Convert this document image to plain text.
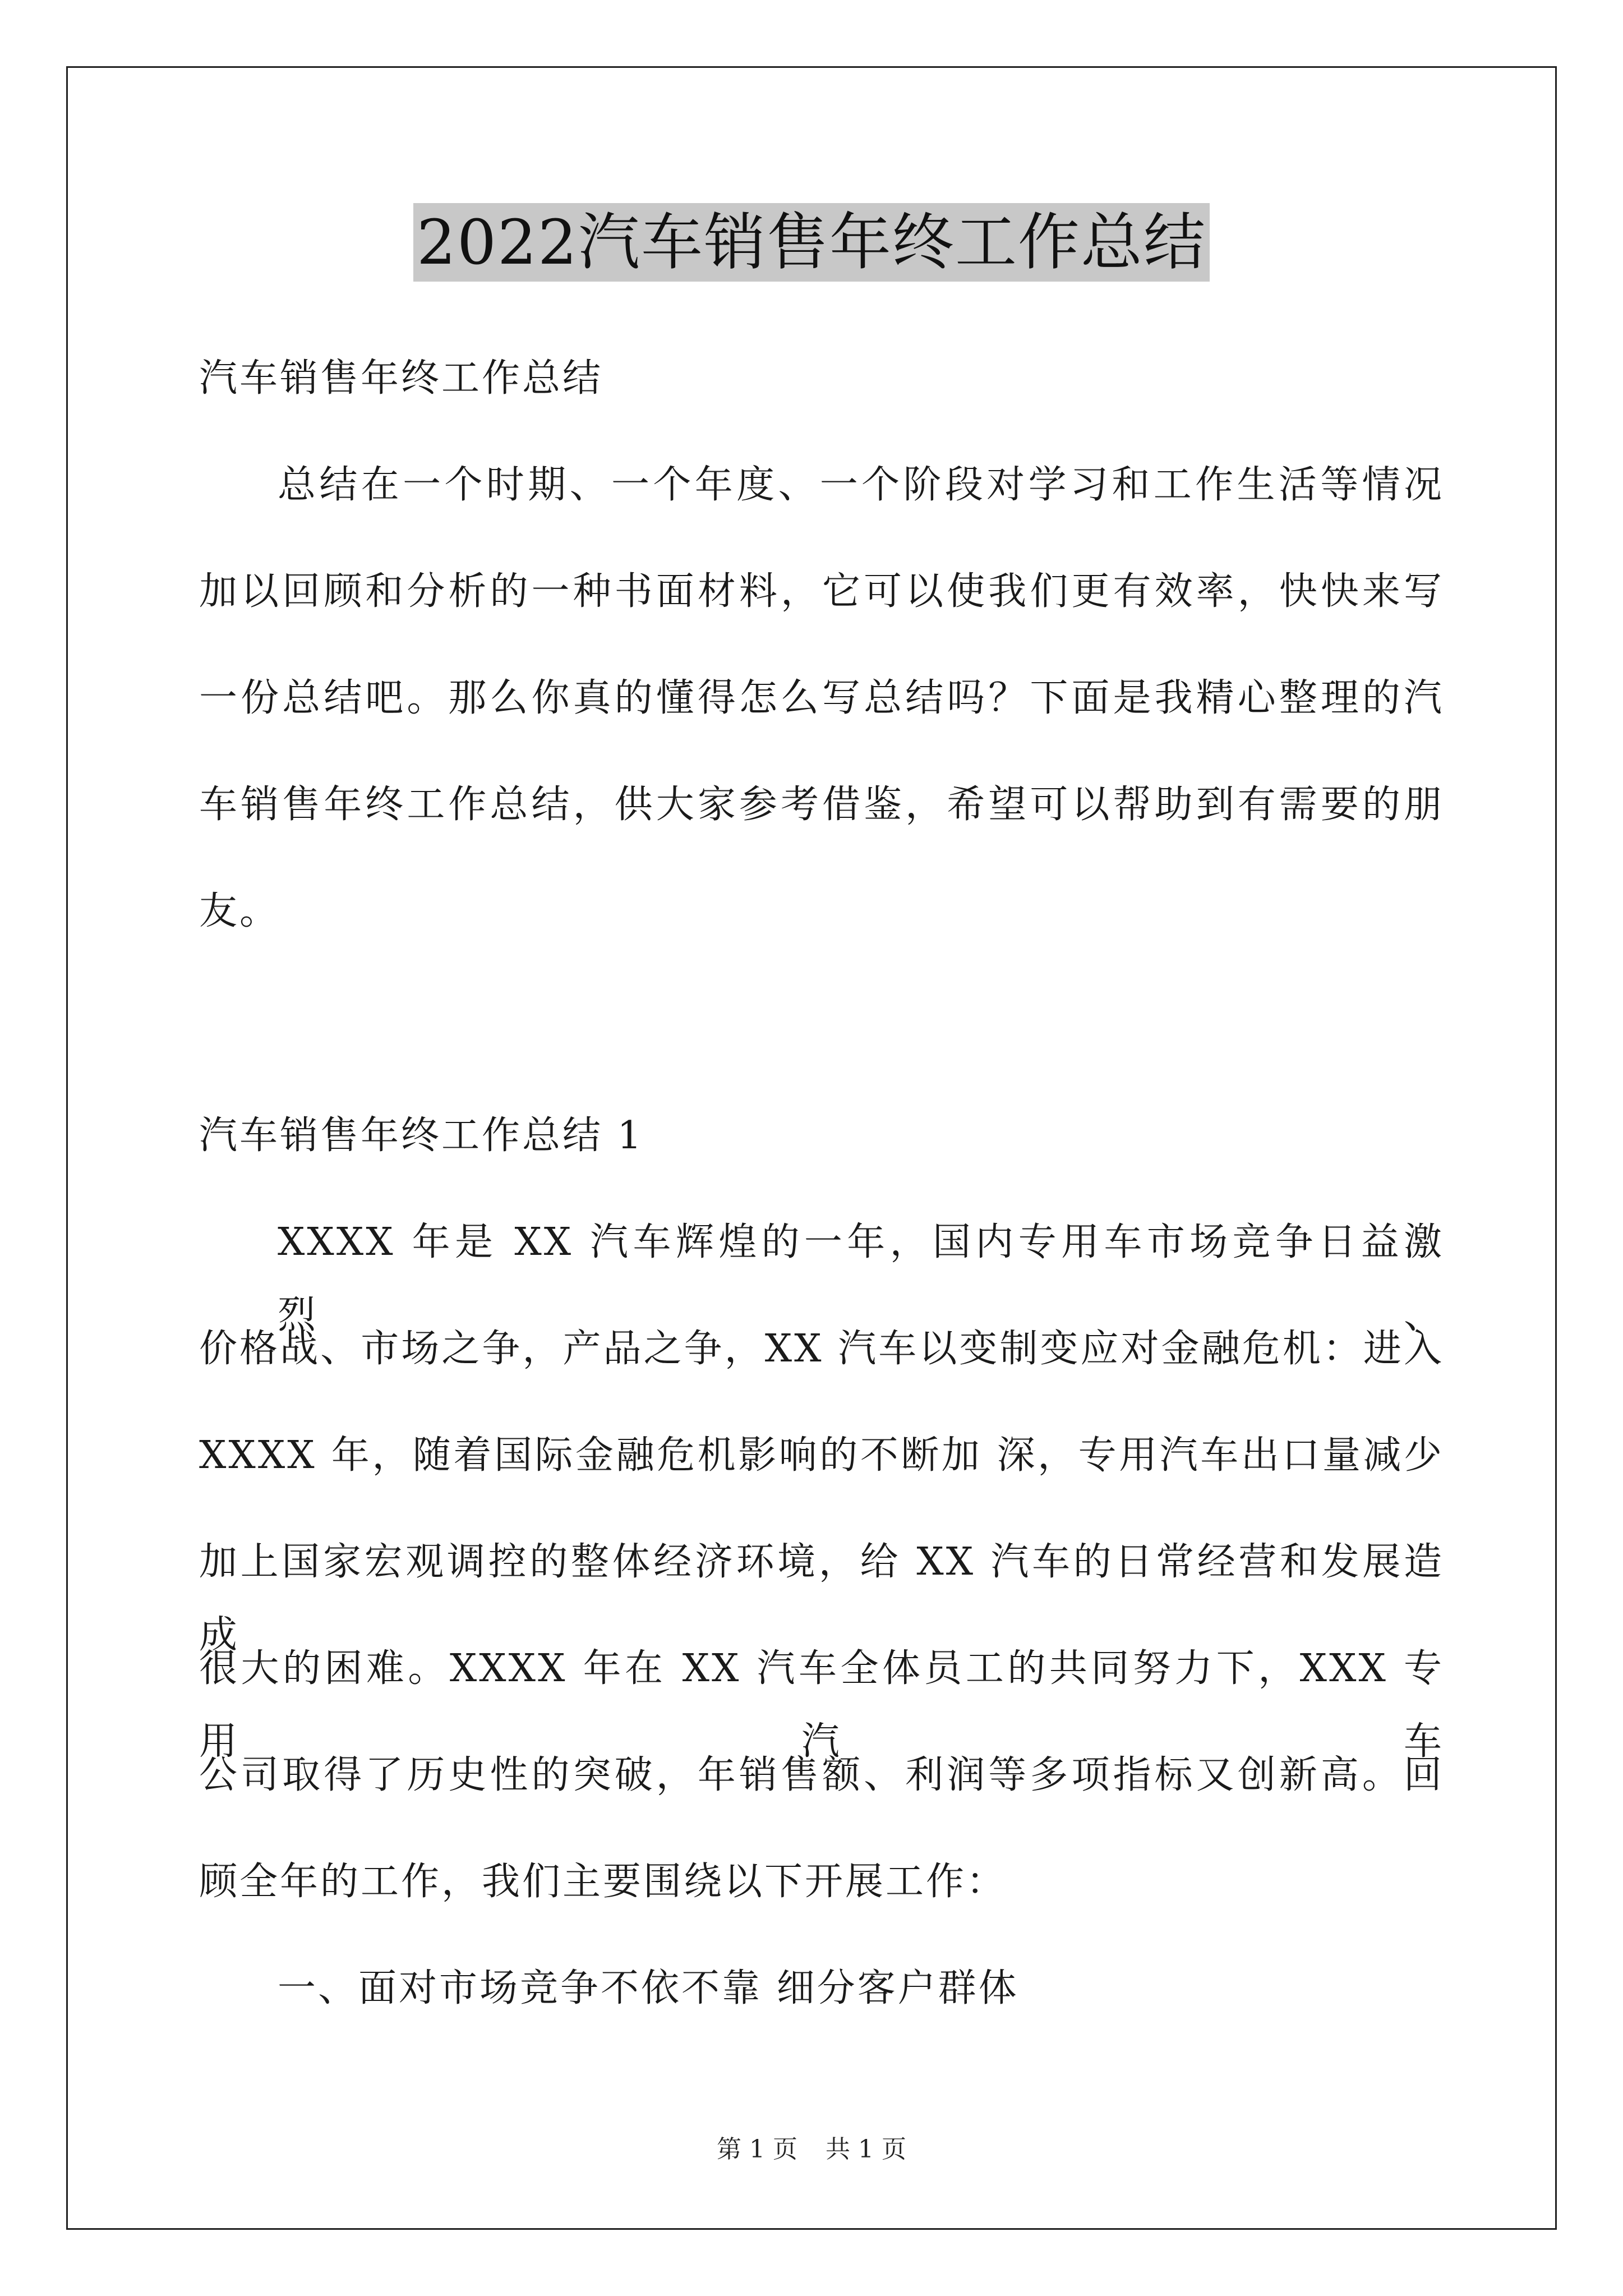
2022汽车销售年终工作总结
汽车销售年终工作总结
总结在一个时期、一个年度、一个阶段对学习和工作生活等情况
加以回顾和分析的一种书面材料，它可以使我们更有效率，快快来写
一份总结吧。那么你真的懂得怎么写总结吗？下面是我精心整理的汽
车销售年终工作总结，供大家参考借鉴，希望可以帮助到有需要的朋
友。
汽车销售年终工作总结 1
XXXX 年是 XX 汽车辉煌的一年，国内专用车市场竞争日益激烈、
价格战、市场之争，产品之争，XX 汽车以变制变应对金融危机：进入
XXXX 年，随着国际金融危机影响的不断加 深，专用汽车出口量减少
加上国家宏观调控的整体经济环境，给 XX 汽车的日常经营和发展造成
很大的困难。XXXX 年在 XX 汽车全体员工的共同努力下，XXX 专用汽车
公司取得了历史性的突破，年销售额、利润等多项指标又创新高。回
顾全年的工作，我们主要围绕以下开展工作：
一、面对市场竞争不依不靠 细分客户群体
第 1 页 共 1 页
